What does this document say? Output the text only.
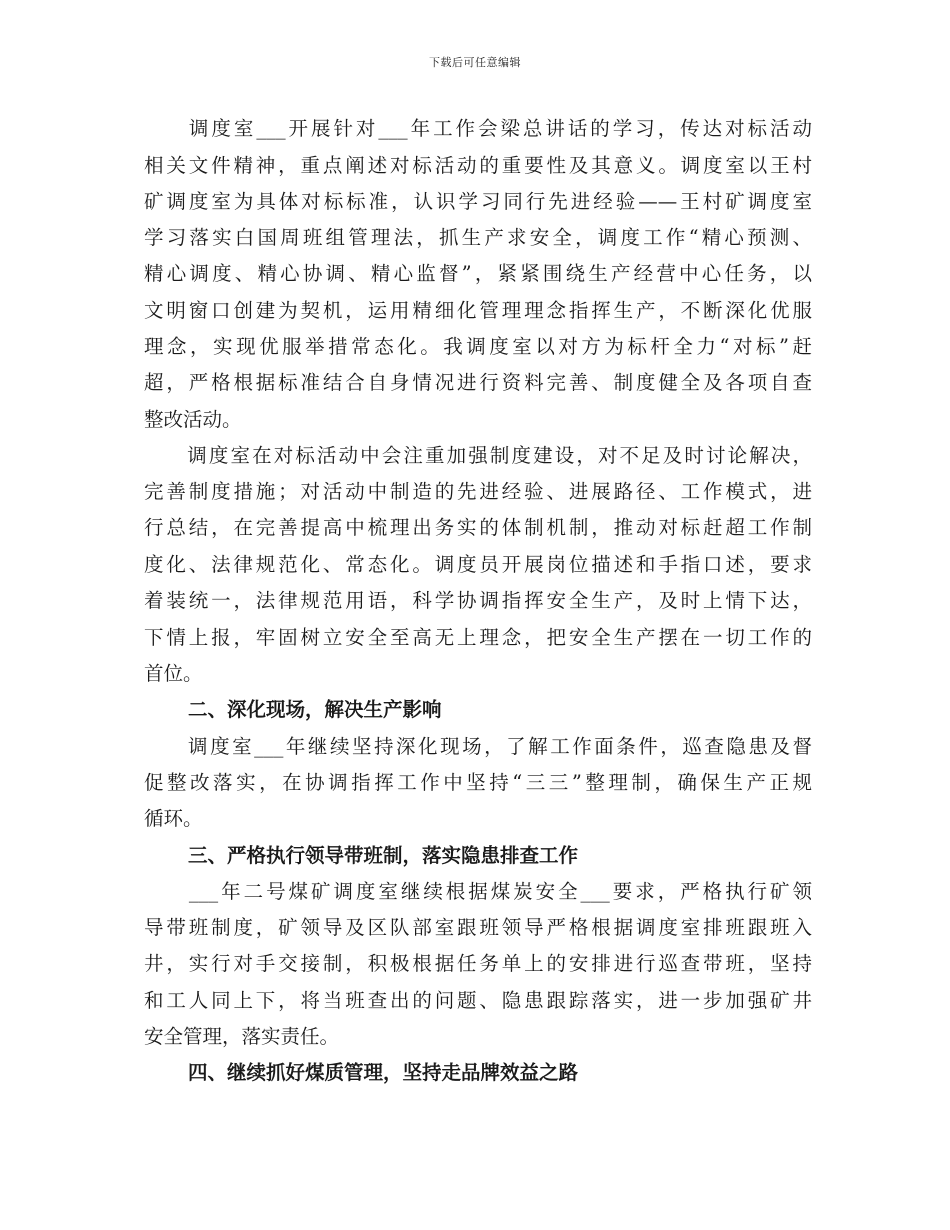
下载后可任意编辑
　　调度室___开展针对___年工作会梁总讲话的学习，传达对标活动
相关文件精神，重点阐述对标活动的重要性及其意义。调度室以王村
矿调度室为具体对标标准，认识学习同行先进经验——王村矿调度室
学习落实白国周班组管理法，抓生产求安全，调度工作“精心预测、
精心调度、精心协调、精心监督”，紧紧围绕生产经营中心任务，以
文明窗口创建为契机，运用精细化管理理念指挥生产，不断深化优服
理念，实现优服举措常态化。我调度室以对方为标杆全力“对标”赶
超，严格根据标准结合自身情况进行资料完善、制度健全及各项自查
整改活动。
　　调度室在对标活动中会注重加强制度建设，对不足及时讨论解决，
完善制度措施；对活动中制造的先进经验、进展路径、工作模式，进
行总结，在完善提高中梳理出务实的体制机制，推动对标赶超工作制
度化、法律规范化、常态化。调度员开展岗位描述和手指口述，要求
着装统一，法律规范用语，科学协调指挥安全生产，及时上情下达，
下情上报，牢固树立安全至高无上理念，把安全生产摆在一切工作的
首位。
二、深化现场，解决生产影响
　　调度室___年继续坚持深化现场，了解工作面条件，巡查隐患及督
促整改落实，在协调指挥工作中坚持“三三”整理制，确保生产正规
循环。
三、严格执行领导带班制，落实隐患排查工作
　　___年二号煤矿调度室继续根据煤炭安全___要求，严格执行矿领
导带班制度，矿领导及区队部室跟班领导严格根据调度室排班跟班入
井，实行对手交接制，积极根据任务单上的安排进行巡查带班，坚持
和工人同上下，将当班查出的问题、隐患跟踪落实，进一步加强矿井
安全管理，落实责任。
四、继续抓好煤质管理，坚持走品牌效益之路
